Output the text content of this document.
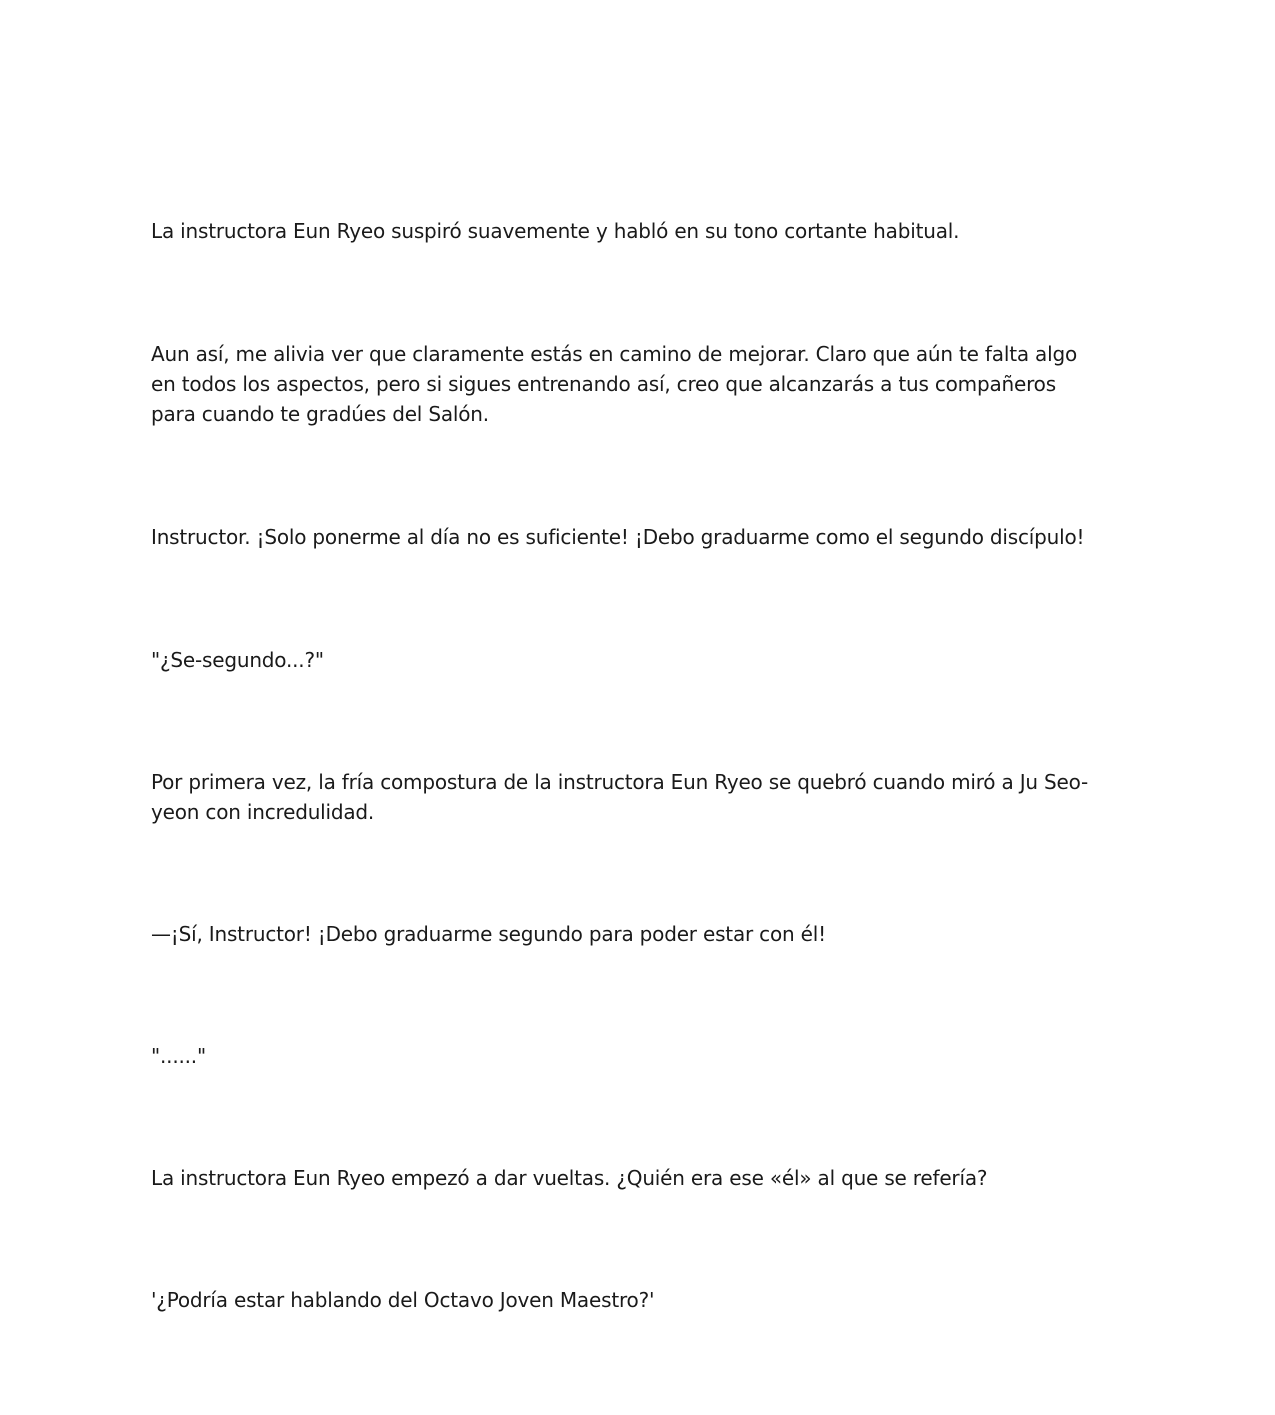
La instructora Eun Ryeo suspiró suavemente y habló en su tono cortante habitual.

Aun así, me alivia ver que claramente estás en camino de mejorar. Claro que aún te falta algo
en todos los aspectos, pero si sigues entrenando así, creo que alcanzarás a tus compañeros
para cuando te gradúes del Salón.

Instructor. ¡Solo ponerme al día no es suficiente! ¡Debo graduarme como el segundo discípulo!

"¿Se-segundo...?"

Por primera vez, la fría compostura de la instructora Eun Ryeo se quebró cuando miró a Ju Seo-
yeon con incredulidad.

—¡Sí, Instructor! ¡Debo graduarme segundo para poder estar con él!

"......"

La instructora Eun Ryeo empezó a dar vueltas. ¿Quién era ese «él» al que se refería?

'¿Podría estar hablando del Octavo Joven Maestro?'
